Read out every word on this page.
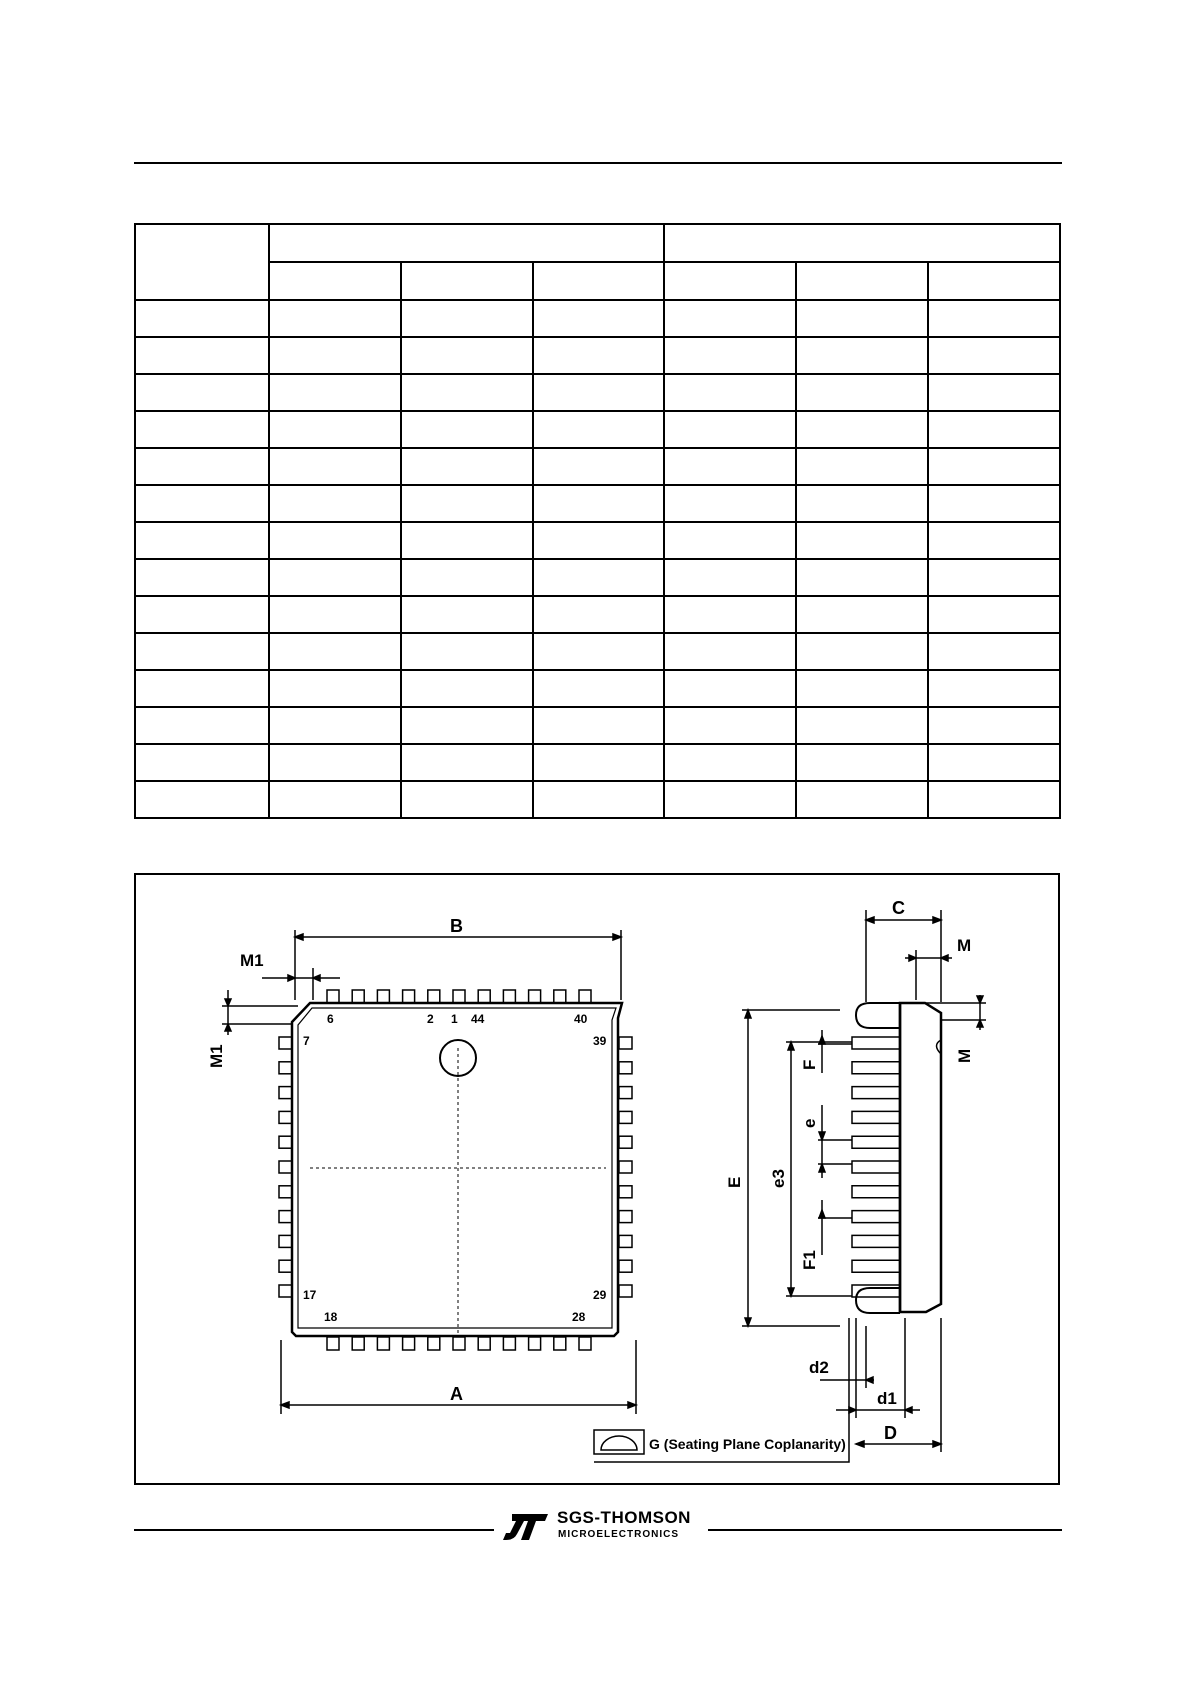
B
A
M1
M1
C
M
M
E e3
F
e
F1
d2
d1
D
G (Seating Plane Coplanarity)
6	2 1 44	40
7	39
17	29
18	28
SGS-THOMSON
MICROELECTRONICS
